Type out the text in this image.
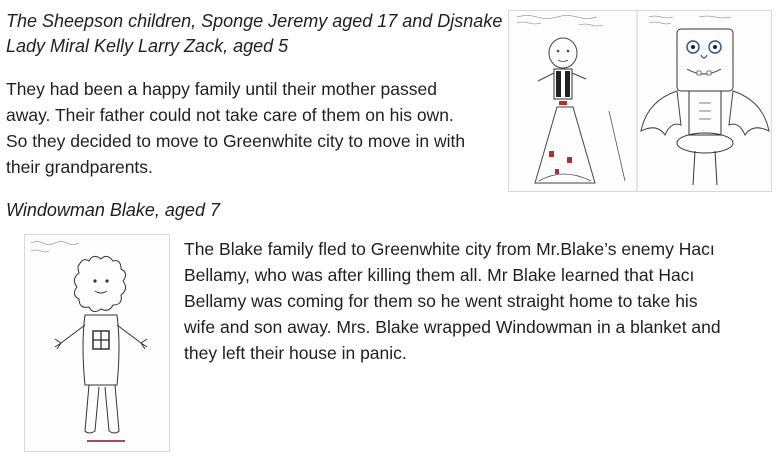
The Sheepson children, Sponge Jeremy aged 17 and Djsnake
Lady Miral Kelly Larry Zack, aged 5

They had been a happy family until their mother passed
away. Their father could not take care of them on his own.
So they decided to move to Greenwhite city to move in with
their grandparents.

Windowman Blake, aged 7

The Blake family fled to Greenwhite city from Mr.Blake’s enemy Hacı
Bellamy, who was after killing them all. Mr Blake learned that Hacı
Bellamy was coming for them so he went straight home to take his
wife and son away. Mrs. Blake wrapped Windowman in a blanket and
they left their house in panic.
